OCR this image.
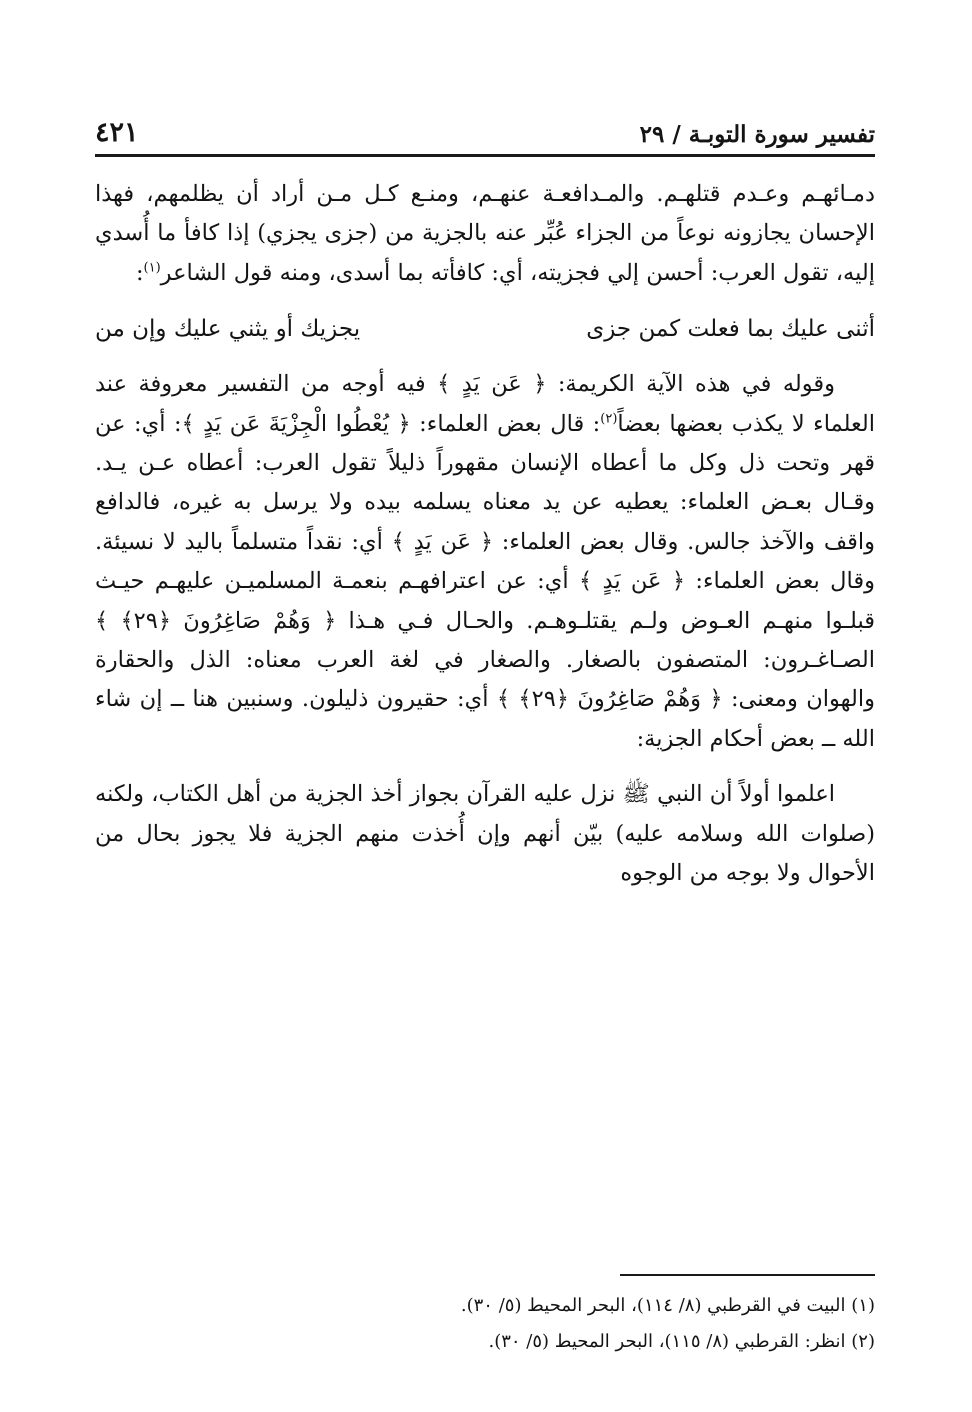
تفسير سورة التوبـة / ٢٩
٤٢١

دمـائهـم وعـدم قتلهـم. والمـدافعـة عنهـم، ومنـع كـل مـن أراد أن يظلمهم، فهذا الإحسان يجازونه نوعاً من الجزاء عُبِّر عنه بالجزية من (جزى يجزي) إذا كافأ ما أُسدي إليه، تقول العرب: أحسن إلي فجزيته، أي: كافأته بما أسدى، ومنه قول الشاعر$^{(١)}$:

أثنى عليك بما فعلت كمن جزى
يجزيك أو يثني عليك وإن من

وقوله في هذه الآية الكريمة: ﴿ عَن يَدٍ ﴾ فيه أوجه من التفسير معروفة عند العلماء لا يكذب بعضها بعضاً$^{(٢)}$: قال بعض العلماء: ﴿ يُعْطُوا الْجِزْيَةَ عَن يَدٍ ﴾: أي: عن قهر وتحت ذل وكل ما أعطاه الإنسان مقهوراً ذليلاً تقول العرب: أعطاه عـن يـد. وقـال بعـض العلماء: يعطيه عن يد معناه يسلمه بيده ولا يرسل به غيره، فالدافع واقف والآخذ جالس. وقال بعض العلماء: ﴿ عَن يَدٍ ﴾ أي: نقداً متسلماً باليد لا نسيئة. وقال بعض العلماء: ﴿ عَن يَدٍ ﴾ أي: عن اعترافهـم بنعمـة المسلميـن عليهـم حيـث قبلـوا منهـم العـوض ولـم يقتلـوهـم. والحـال فـي هـذا ﴿ وَهُمْ صَاغِرُونَ ﴿٢٩﴾ ﴾ الصـاغـرون: المتصفون بالصغار. والصغار في لغة العرب معناه: الذل والحقارة والهوان ومعنى: ﴿ وَهُمْ صَاغِرُونَ ﴿٢٩﴾ ﴾ أي: حقيرون ذليلون. وسنبين هنا ــ إن شاء الله ــ بعض أحكام الجزية:

اعلموا أولاً أن النبي ﷺ نزل عليه القرآن بجواز أخذ الجزية من أهل الكتاب، ولكنه (صلوات الله وسلامه عليه) بيّن أنهم وإن أُخذت منهم الجزية فلا يجوز بحال من الأحوال ولا بوجه من الوجوه

(١) البيت في القرطبي (٨/ ١١٤)، البحر المحيط (٥/ ٣٠).

(٢) انظر: القرطبي (٨/ ١١٥)، البحر المحيط (٥/ ٣٠).
